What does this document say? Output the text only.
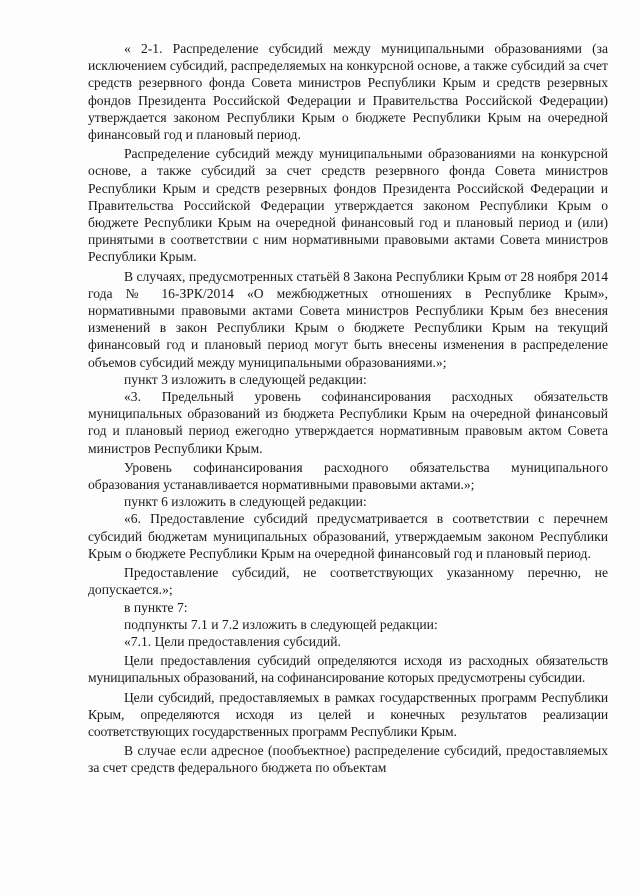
« 2-1. Распределение субсидий между муниципальными образованиями (за исключением субсидий, распределяемых на конкурсной основе, а также субсидий за счет средств резервного фонда Совета министров Республики Крым и средств резервных фондов Президента Российской Федерации и Правительства Российской Федерации) утверждается законом Республики Крым о бюджете Республики Крым на очередной финансовый год и плановый период.

Распределение субсидий между муниципальными образованиями на конкурсной основе, а также субсидий за счет средств резервного фонда Совета министров Республики Крым и средств резервных фондов Президента Российской Федерации и Правительства Российской Федерации утверждается законом Республики Крым о бюджете Республики Крым на очередной финансовый год и плановый период и (или) принятыми в соответствии с ним нормативными правовыми актами Совета министров Республики Крым.

В случаях, предусмотренных статьёй 8 Закона Республики Крым от 28 ноября 2014 года № 16-ЗРК/2014 «О межбюджетных отношениях в Республике Крым», нормативными правовыми актами Совета министров Республики Крым без внесения изменений в закон Республики Крым о бюджете Республики Крым на текущий финансовый год и плановый период могут быть внесены изменения в распределение объемов субсидий между муниципальными образованиями.»;

пункт 3 изложить в следующей редакции:

«3. Предельный уровень софинансирования расходных обязательств муниципальных образований из бюджета Республики Крым на очередной финансовый год и плановый период ежегодно утверждается нормативным правовым актом Совета министров Республики Крым.

Уровень софинансирования расходного обязательства муниципального образования устанавливается нормативными правовыми актами.»;

пункт 6 изложить в следующей редакции:

«6. Предоставление субсидий предусматривается в соответствии с перечнем субсидий бюджетам муниципальных образований, утверждаемым законом Республики Крым о бюджете Республики Крым на очередной финансовый год и плановый период.

Предоставление субсидий, не соответствующих указанному перечню, не допускается.»;

в пункте 7:

подпункты 7.1 и 7.2 изложить в следующей редакции:

«7.1. Цели предоставления субсидий.

Цели предоставления субсидий определяются исходя из расходных обязательств муниципальных образований, на софинансирование которых предусмотрены субсидии.

Цели субсидий, предоставляемых в рамках государственных программ Республики Крым, определяются исходя из целей и конечных результатов реализации соответствующих государственных программ Республики Крым.

В случае если адресное (пообъектное) распределение субсидий, предоставляемых за счет средств федерального бюджета по объектам
